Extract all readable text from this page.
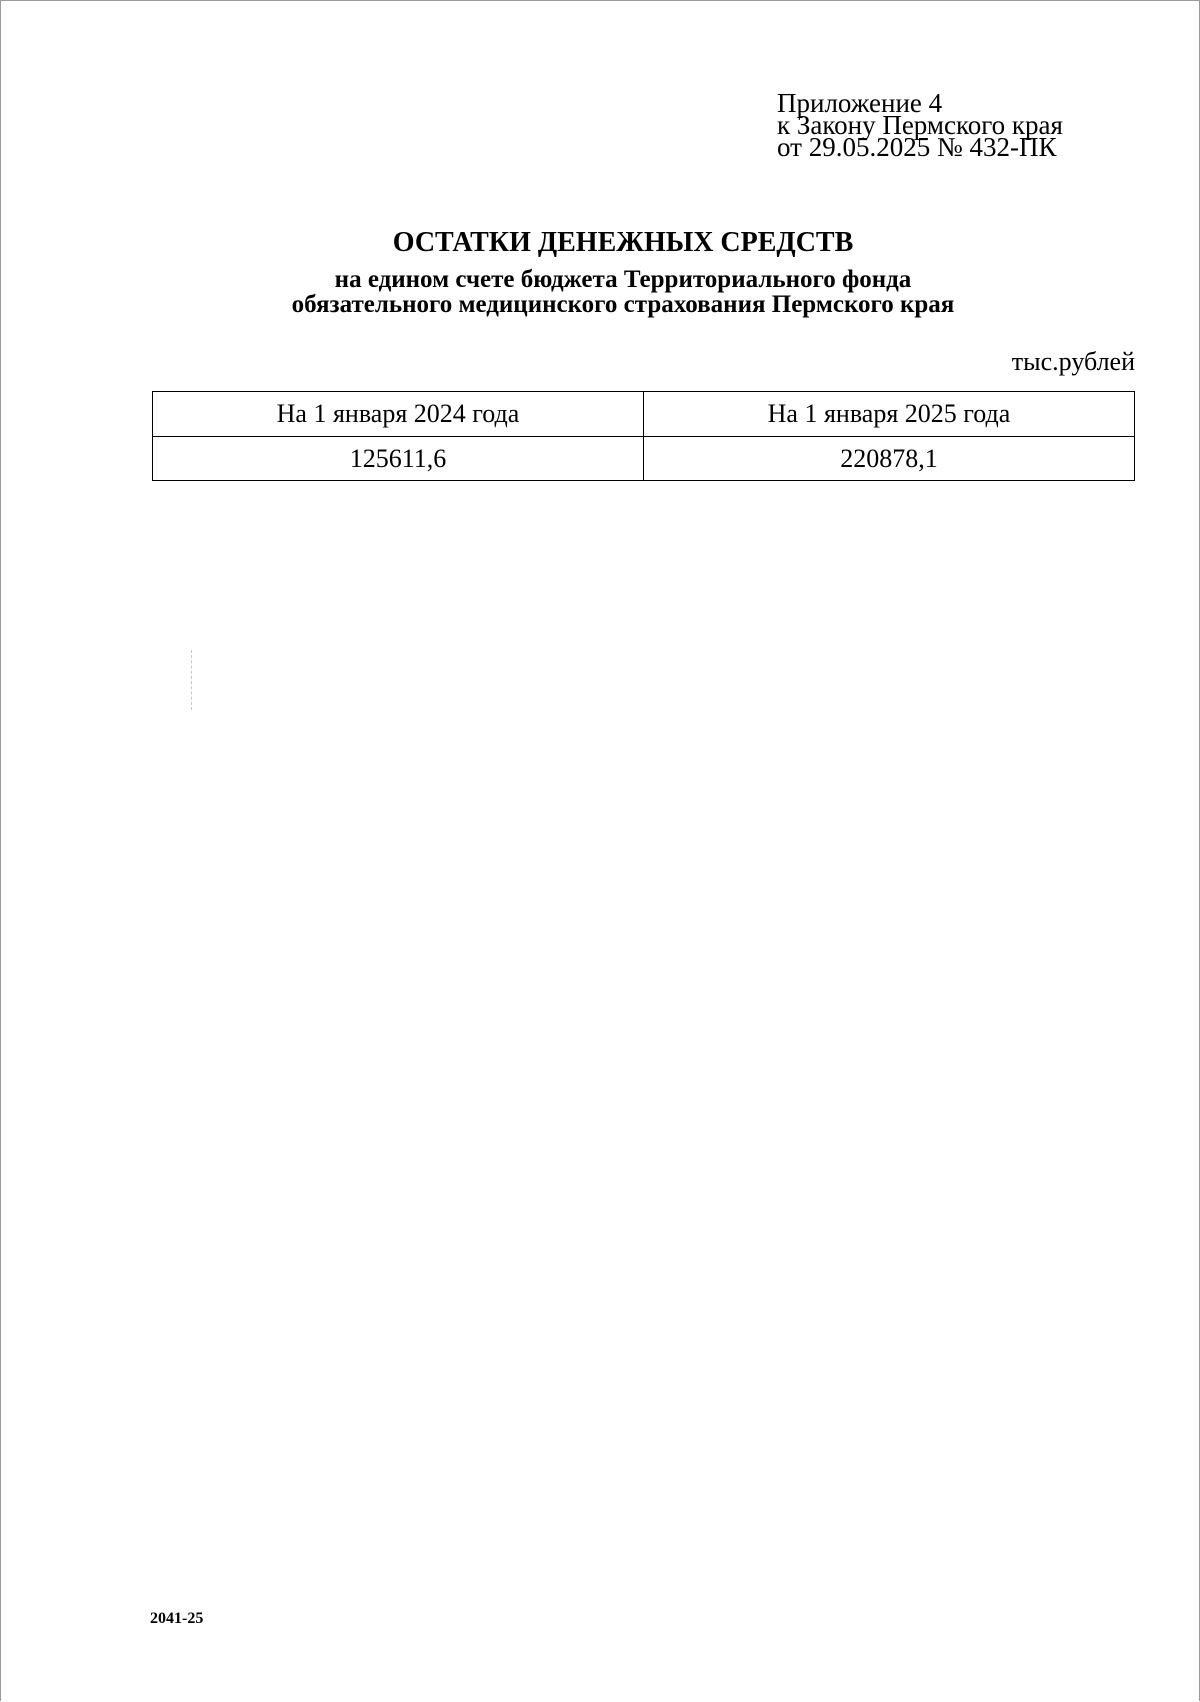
Приложение 4
к Закону Пермского края
от 29.05.2025 № 432-ПК
ОСТАТКИ ДЕНЕЖНЫХ СРЕДСТВ
на едином счете бюджета Территориального фонда
обязательного медицинского страхования Пермского края
тыс.рублей
На 1 января 2024 года	На 1 января 2025 года
125611,6	220878,1
2041-25
